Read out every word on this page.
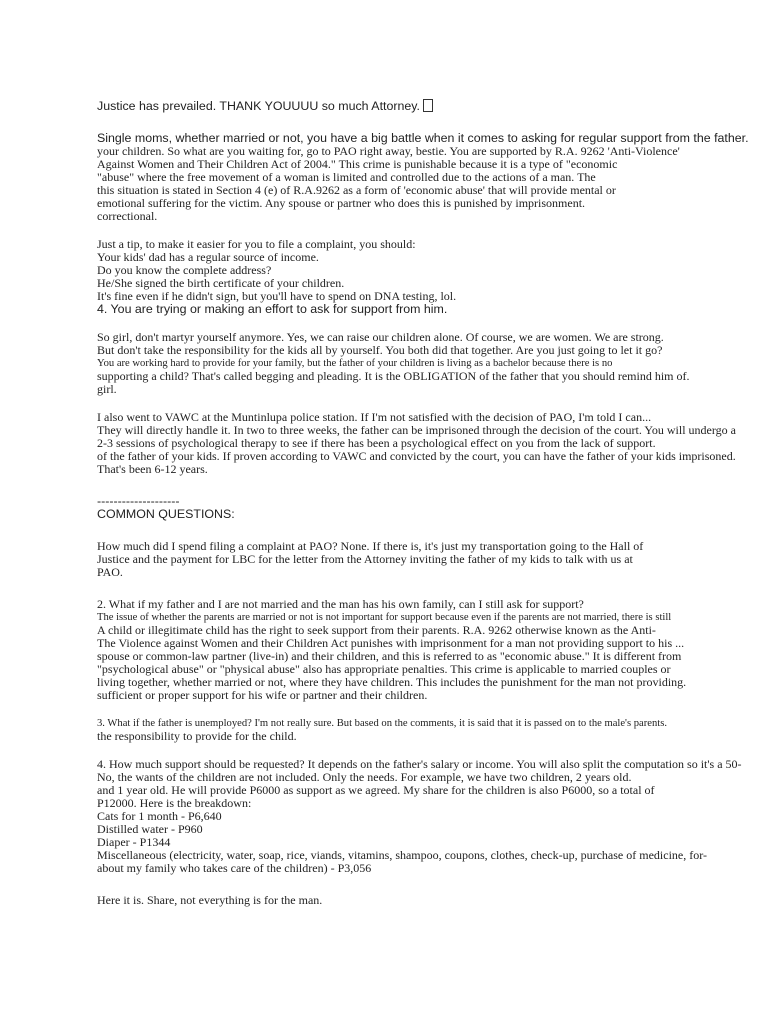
Justice has prevailed. THANK YOUUUU so much Attorney.
Single moms, whether married or not, you have a big battle when it comes to asking for regular support from the father.
your children. So what are you waiting for, go to PAO right away, bestie. You are supported by R.A. 9262 'Anti-Violence'
Against Women and Their Children Act of 2004." This crime is punishable because it is a type of "economic
"abuse" where the free movement of a woman is limited and controlled due to the actions of a man. The
this situation is stated in Section 4 (e) of R.A.9262 as a form of 'economic abuse' that will provide mental or
emotional suffering for the victim. Any spouse or partner who does this is punished by imprisonment.
correctional.
Just a tip, to make it easier for you to file a complaint, you should:
Your kids' dad has a regular source of income.
Do you know the complete address?
He/She signed the birth certificate of your children.
It's fine even if he didn't sign, but you'll have to spend on DNA testing, lol.
4. You are trying or making an effort to ask for support from him.
So girl, don't martyr yourself anymore. Yes, we can raise our children alone. Of course, we are women. We are strong.
But don't take the responsibility for the kids all by yourself. You both did that together. Are you just going to let it go?
You are working hard to provide for your family, but the father of your children is living as a bachelor because there is no
supporting a child? That's called begging and pleading. It is the OBLIGATION of the father that you should remind him of.
girl.
I also went to VAWC at the Muntinlupa police station. If I'm not satisfied with the decision of PAO, I'm told I can...
They will directly handle it. In two to three weeks, the father can be imprisoned through the decision of the court. You will undergo a
2-3 sessions of psychological therapy to see if there has been a psychological effect on you from the lack of support.
of the father of your kids. If proven according to VAWC and convicted by the court, you can have the father of your kids imprisoned.
That's been 6-12 years.
--------------------
COMMON QUESTIONS:
How much did I spend filing a complaint at PAO? None. If there is, it's just my transportation going to the Hall of
Justice and the payment for LBC for the letter from the Attorney inviting the father of my kids to talk with us at
PAO.
2. What if my father and I are not married and the man has his own family, can I still ask for support?
The issue of whether the parents are married or not is not important for support because even if the parents are not married, there is still
A child or illegitimate child has the right to seek support from their parents. R.A. 9262 otherwise known as the Anti-
The Violence against Women and their Children Act punishes with imprisonment for a man not providing support to his ...
spouse or common-law partner (live-in) and their children, and this is referred to as "economic abuse." It is different from
"psychological abuse" or "physical abuse" also has appropriate penalties. This crime is applicable to married couples or
living together, whether married or not, where they have children. This includes the punishment for the man not providing.
sufficient or proper support for his wife or partner and their children.
3. What if the father is unemployed? I'm not really sure. But based on the comments, it is said that it is passed on to the male's parents.
the responsibility to provide for the child.
4. How much support should be requested? It depends on the father's salary or income. You will also split the computation so it's a 50-
No, the wants of the children are not included. Only the needs. For example, we have two children, 2 years old.
and 1 year old. He will provide P6000 as support as we agreed. My share for the children is also P6000, so a total of
P12000. Here is the breakdown:
Cats for 1 month - P6,640
Distilled water - P960
Diaper - P1344
Miscellaneous (electricity, water, soap, rice, viands, vitamins, shampoo, coupons, clothes, check-up, purchase of medicine, for-
about my family who takes care of the children) - P3,056
Here it is. Share, not everything is for the man.
